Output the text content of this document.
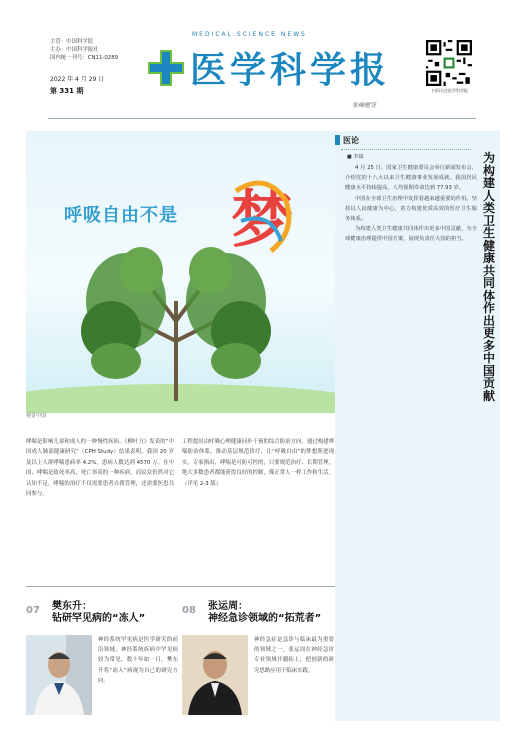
主管：中国科学院
主办：中国科学报社
国内统一刊号：CN11-0289
2022 年 4 月 29 日
第 331 期
MEDICAL SCIENCE NEWS
医学科学报
张峰题签
扫码关注医学科学报
呼吸自由不是 梦
视觉中国
哮喘是影响儿童和成人的一种慢性疾病。《柳叶刀》发表的“中国成人肺部健康研究”（CPH Study）结果表明，我国 20 岁及以上人群哮喘患病率 4.2%，患病人数达到 4570 万。在中国，哮喘是致死率高、死亡率高的一种疾病，而民众仍然对它认知不足。哮喘的治疗不仅需要患者自我管理，还需要医患共同参与。
工程提出由呼吸心理健康同步干预的综合防治方向，通过构建哮喘防治体系、推动基层规范诊疗，让“呼吸自由”的梦想照进现实。专家指出，哮喘是可防可控的，只要规范治疗、长期管理，绝大多数患者都能获得良好的控制，像正常人一样工作和生活。（详见 2-3 版）
07 樊东升：
钻研罕见病的“冻人”
神经系统罕见病是医学研究的前沿领域，神经系统疾病中罕见病较为常见。数十年如一日，樊东升将“冻人”病视为自己的研究方向。
08 张运周：
神经急诊领域的“拓荒者”
神经急症是急诊与临床最为重要的领域之一，张运周在神经急诊专业领域开疆拓土，把创新的研究思路应用于临床实践。
医论
■ 李斌

4 月 25 日，国家卫生健康委员会举行新闻发布会，介绍党的十八大以来卫生健康事业发展成就。我国居民健康水平持续提高，人均预期寿命达到 77.93 岁。

中国在全球卫生治理中发挥着越来越重要的作用。坚持以人民健康为中心，着力构建优质高效的医疗卫生服务体系。

为构建人类卫生健康共同体作出更多中国贡献，为全球健康治理提供中国方案，展现负责任大国的担当。

为构建人类卫生健康共同体作出更多中国贡献
